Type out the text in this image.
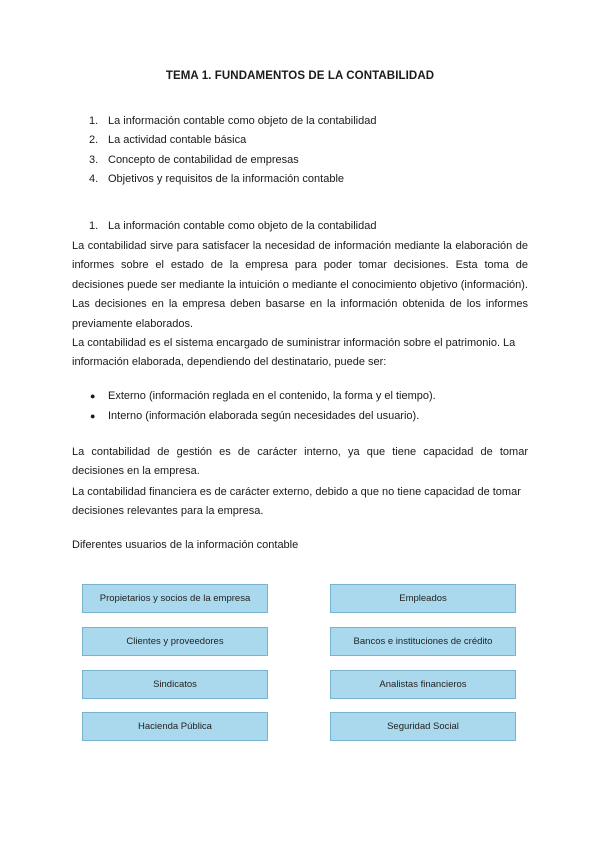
TEMA 1. FUNDAMENTOS DE LA CONTABILIDAD
1. La información contable como objeto de la contabilidad
2. La actividad contable básica
3. Concepto de contabilidad de empresas
4. Objetivos y requisitos de la información contable
1. La información contable como objeto de la contabilidad
La contabilidad sirve para satisfacer la necesidad de información mediante la elaboración de informes sobre el estado de la empresa para poder tomar decisiones. Esta toma de decisiones puede ser mediante la intuición o mediante el conocimiento objetivo (información). Las decisiones en la empresa deben basarse en la información obtenida de los informes previamente elaborados.
La contabilidad es el sistema encargado de suministrar información sobre el patrimonio. La información elaborada, dependiendo del destinatario, puede ser:
● Externo (información reglada en el contenido, la forma y el tiempo).
● Interno (información elaborada según necesidades del usuario).
La contabilidad de gestión es de carácter interno, ya que tiene capacidad de tomar decisiones en la empresa.
La contabilidad financiera es de carácter externo, debido a que no tiene capacidad de tomar decisiones relevantes para la empresa.
Diferentes usuarios de la información contable
Propietarios y socios de la empresa
Clientes y proveedores
Sindicatos
Hacienda Pública
Empleados
Bancos e instituciones de crédito
Analistas financieros
Seguridad Social
